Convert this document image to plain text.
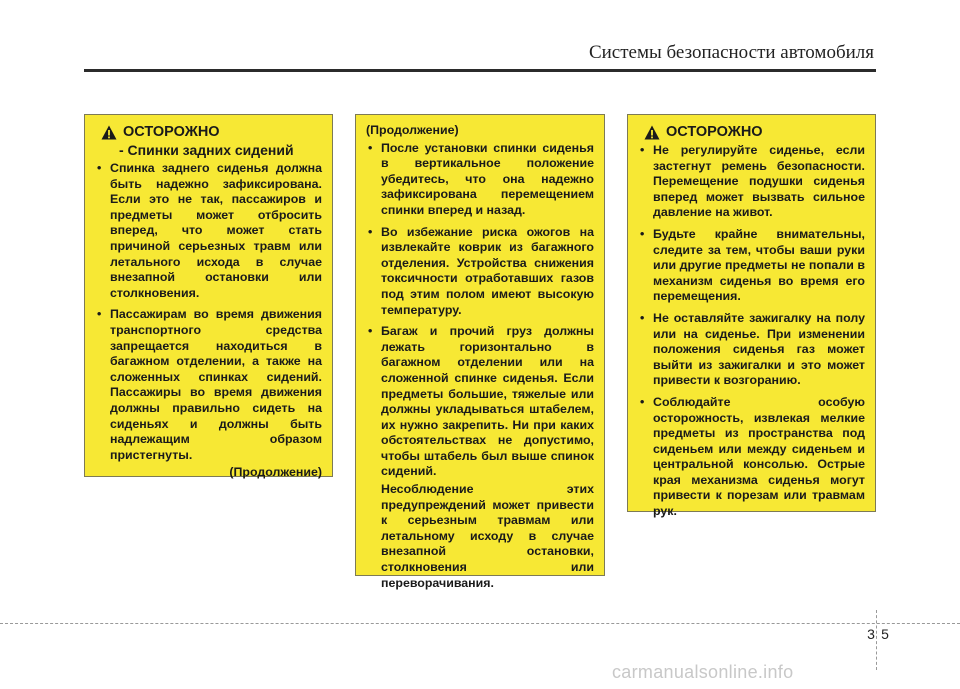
Системы безопасности автомобиля
ОСТОРОЖНО
- Спинки задних сидений
• Спинка заднего сиденья должна быть надежно зафиксирована. Если это не так, пассажиров и предметы может отбросить вперед, что может стать причиной серьезных травм или летального исхода в случае внезапной остановки или столкновения.
• Пассажирам во время движения транспортного средства запрещается находиться в багажном отделении, а также на сложенных спинках сидений. Пассажиры во время движения должны правильно сидеть на сиденьях и должны быть надлежащим образом пристегнуты.
(Продолжение)
(Продолжение)
• После установки спинки сиденья в вертикальное положение убедитесь, что она надежно зафиксирована перемещением спинки вперед и назад.
• Во избежание риска ожогов на извлекайте коврик из багажного отделения. Устройства снижения токсичности отработавших газов под этим полом имеют высокую температуру.
• Багаж и прочий груз должны лежать горизонтально в багажном отделении или на сложенной спинке сиденья. Если предметы большие, тяжелые или должны укладываться штабелем, их нужно закрепить. Ни при каких обстоятельствах не допустимо, чтобы штабель был выше спинок сидений.
Несоблюдение этих предупреждений может привести к серьезным травмам или летальному исходу в случае внезапной остановки, столкновения или переворачивания.
ОСТОРОЖНО
• Не регулируйте сиденье, если застегнут ремень безопасности. Перемещение подушки сиденья вперед может вызвать сильное давление на живот.
• Будьте крайне внимательны, следите за тем, чтобы ваши руки или другие предметы не попали в механизм сиденья во время его перемещения.
• Не оставляйте зажигалку на полу или на сиденье. При изменении положения сиденья газ может выйти из зажигалки и это может привести к возгоранию.
• Соблюдайте особую осторожность, извлекая мелкие предметы из пространства под сиденьем или между сиденьем и центральной консолью. Острые края механизма сиденья могут привести к порезам или травмам рук.
3 5
carmanualsonline.info
